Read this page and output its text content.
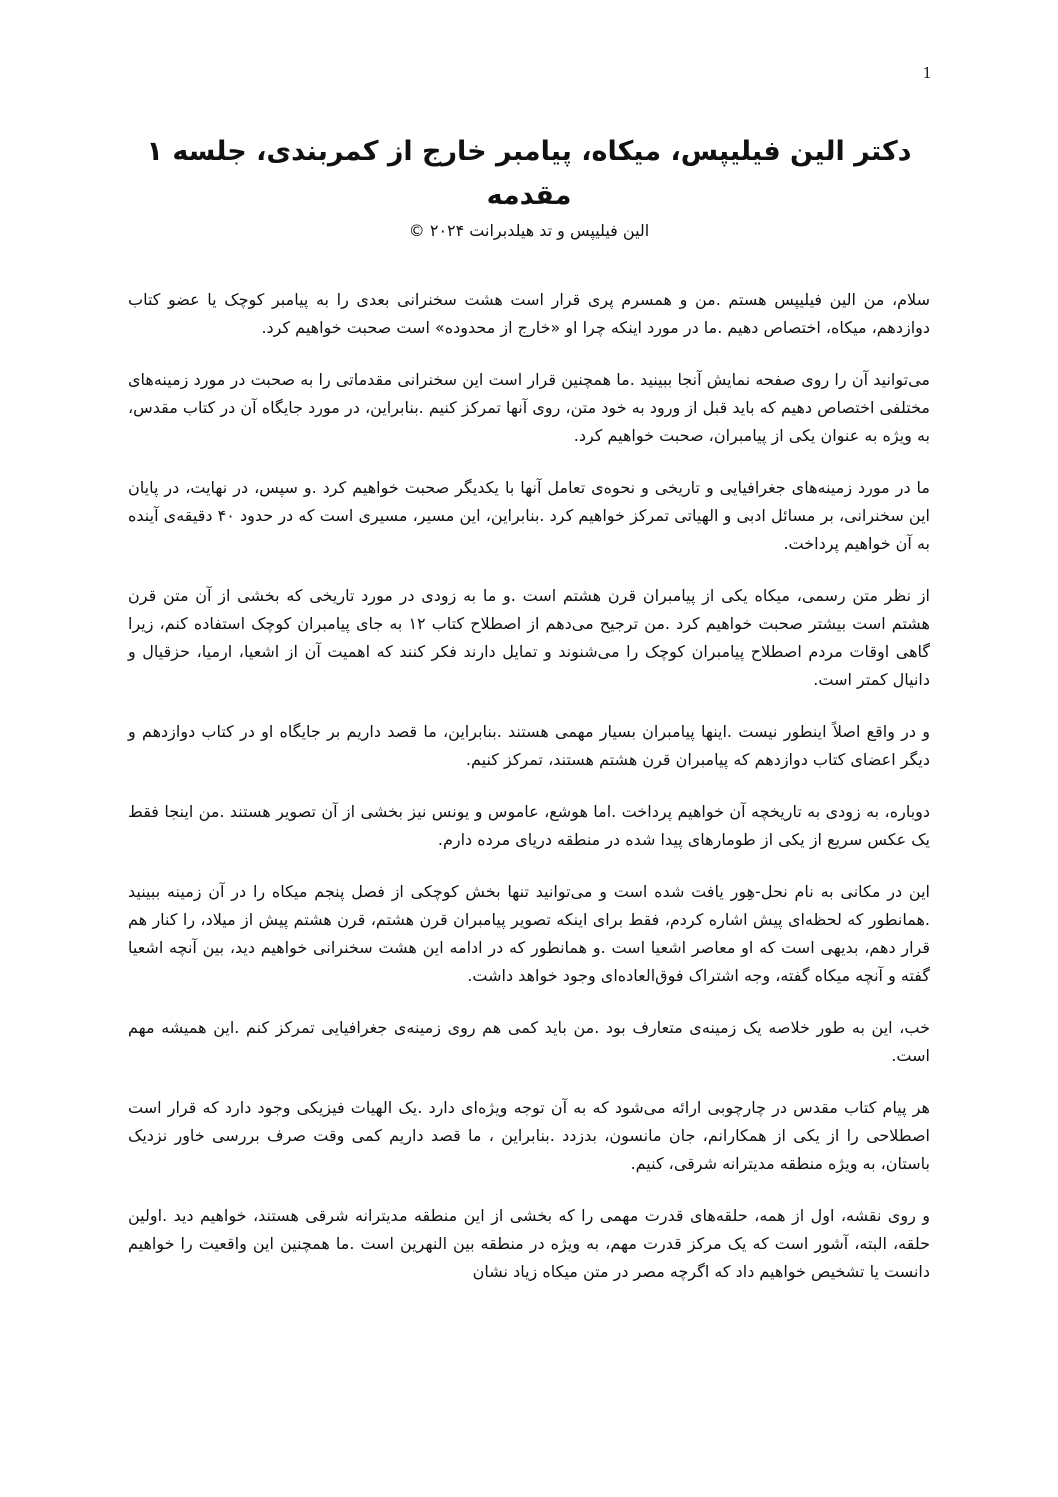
1
دکتر الین فیلیپس، میکاه، پیامبر خارج از کمربندی، جلسه ۱ مقدمه

الین فیلیپس و تد هیلدبرانت ۲۰۲۴ ©

سلام، من الین فیلیپس هستم .من و همسرم پری قرار است هشت سخنرانی بعدی را به پیامبر کوچک یا عضو کتاب دوازدهم، میکاه، اختصاص دهیم .ما در مورد اینکه چرا او «خارج از محدوده» است صحبت خواهیم کرد.

می‌توانید آن را روی صفحه نمایش آنجا ببینید .ما همچنین قرار است این سخنرانی مقدماتی را به صحبت در مورد زمینه‌های مختلفی اختصاص دهیم که باید قبل از ورود به خود متن، روی آنها تمرکز کنیم .بنابراین، در مورد جایگاه آن در کتاب مقدس، به ویژه به عنوان یکی از پیامبران، صحبت خواهیم کرد.

ما در مورد زمینه‌های جغرافیایی و تاریخی و نحوه‌ی تعامل آنها با یکدیگر صحبت خواهیم کرد .و سپس، در نهایت، در پایان این سخنرانی، بر مسائل ادبی و الهیاتی تمرکز خواهیم کرد .بنابراین، این مسیر، مسیری است که در حدود ۴۰ دقیقه‌ی آینده به آن خواهیم پرداخت.

از نظر متن رسمی، میکاه یکی از پیامبران قرن هشتم است .و ما به زودی در مورد تاریخی که بخشی از آن متن قرن هشتم است بیشتر صحبت خواهیم کرد .من ترجیح می‌دهم از اصطلاح کتاب ۱۲ به جای پیامبران کوچک استفاده کنم، زیرا گاهی اوقات مردم اصطلاح پیامبران کوچک را می‌شنوند و تمایل دارند فکر کنند که اهمیت آن از اشعیا، ارمیا، حزقیال و دانیال کمتر است.

و در واقع اصلاً اینطور نیست .اینها پیامبران بسیار مهمی هستند .بنابراین، ما قصد داریم بر جایگاه او در کتاب دوازدهم و دیگر اعضای کتاب دوازدهم که پیامبران قرن هشتم هستند، تمرکز کنیم.

دوباره، به زودی به تاریخچه آن خواهیم پرداخت .اما هوشع، عاموس و یونس نیز بخشی از آن تصویر هستند .من اینجا فقط یک عکس سریع از یکی از طومارهای پیدا شده در منطقه دریای مرده دارم.

این در مکانی به نام نحل-هِور یافت شده است و می‌توانید تنها بخش کوچکی از فصل پنجم میکاه را در آن زمینه ببینید .همانطور که لحظه‌ای پیش اشاره کردم، فقط برای اینکه تصویر پیامبران قرن هشتم، قرن هشتم پیش از میلاد، را کنار هم قرار دهم، بدیهی است که او معاصر اشعیا است .و همانطور که در ادامه این هشت سخنرانی خواهیم دید، بین آنچه اشعیا گفته و آنچه میکاه گفته، وجه اشتراک فوق‌العاده‌ای وجود خواهد داشت.

خب، این به طور خلاصه یک زمینه‌ی متعارف بود .من باید کمی هم روی زمینه‌ی جغرافیایی تمرکز کنم .این همیشه مهم است.

هر پیام کتاب مقدس در چارچوبی ارائه می‌شود که به آن توجه ویژه‌ای دارد .یک الهیات فیزیکی وجود دارد که قرار است اصطلاحی را از یکی از همکارانم، جان مانسون، بدزدد .بنابراین ، ما قصد داریم کمی وقت صرف بررسی خاور نزدیک باستان، به ویژه منطقه مدیترانه شرقی، کنیم.

و روی نقشه، اول از همه، حلقه‌های قدرت مهمی را که بخشی از این منطقه مدیترانه شرقی هستند، خواهیم دید .اولین حلقه، البته، آشور است که یک مرکز قدرت مهم، به ویژه در منطقه بین النهرین است .ما همچنین این واقعیت را خواهیم دانست یا تشخیص خواهیم داد که اگرچه مصر در متن میکاه زیاد نشان
